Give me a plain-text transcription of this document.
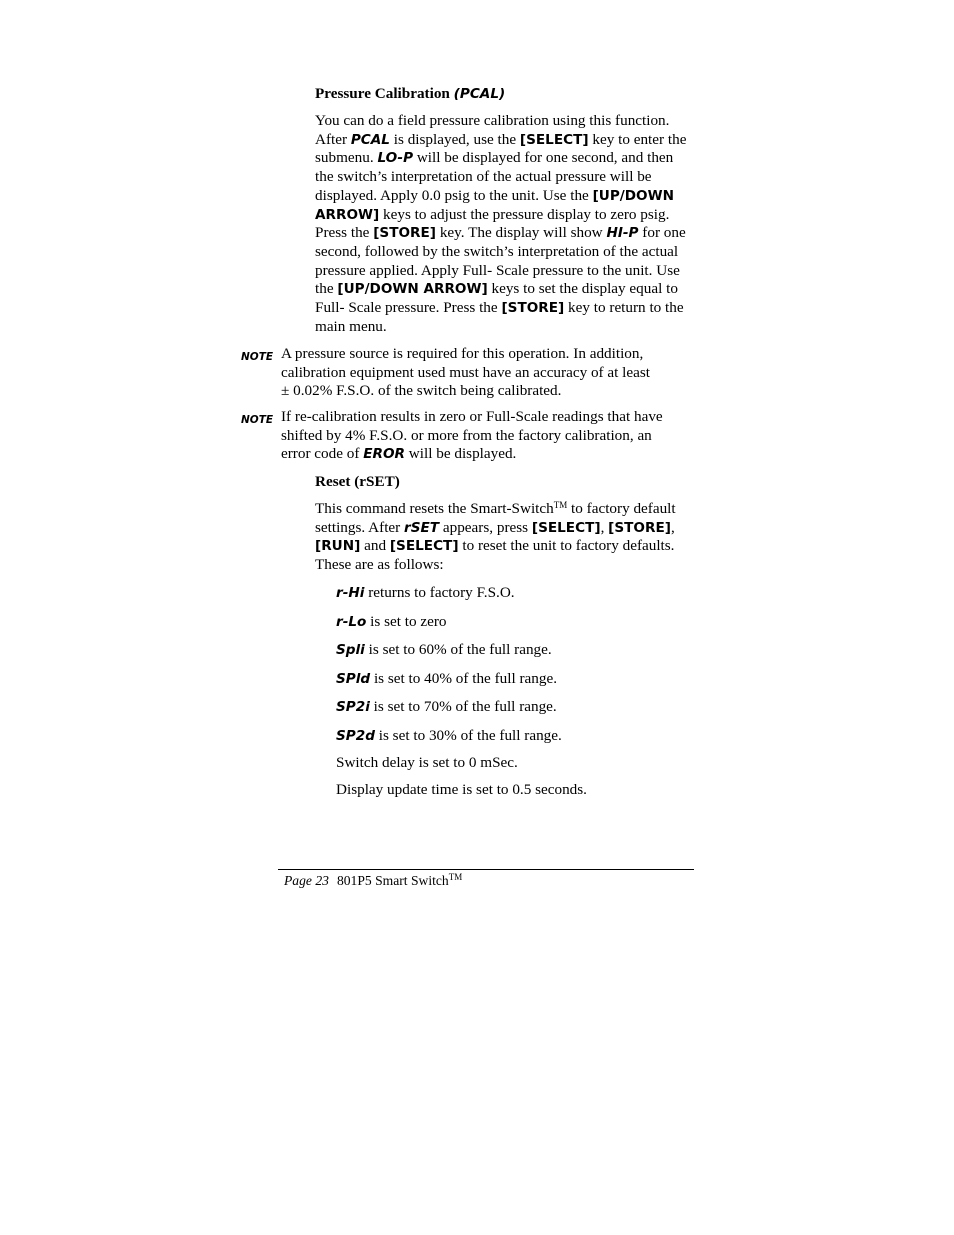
Pressure Calibration (PCAL)
You can do a field pressure calibration using this function. After PCAL is displayed, use the [SELECT] key to enter the submenu. LO-P will be displayed for one second, and then the switch’s interpretation of the actual pressure will be displayed. Apply 0.0 psig to the unit. Use the [UP/DOWN ARROW] keys to adjust the pressure display to zero psig. Press the [STORE] key. The display will show HI-P for one second, followed by the switch’s interpretation of the actual pressure applied. Apply Full- Scale pressure to the unit. Use the [UP/DOWN ARROW] keys to set the display equal to Full- Scale pressure. Press the [STORE] key to return to the main menu.
NOTE A pressure source is required for this operation. In addition, calibration equipment used must have an accuracy of at least ± 0.02% F.S.O. of the switch being calibrated.
NOTE If re-calibration results in zero or Full-Scale readings that have shifted by 4% F.S.O. or more from the factory calibration, an error code of EROR will be displayed.
Reset (rSET)
This command resets the Smart-Switch™ to factory default settings. After rSET appears, press [SELECT], [STORE], [RUN] and [SELECT] to reset the unit to factory defaults. These are as follows:
r-Hi returns to factory F.S.O.
r-Lo is set to zero
Spli is set to 60% of the full range.
SPld is set to 40% of the full range.
SP2i is set to 70% of the full range.
SP2d is set to 30% of the full range.
Switch delay is set to 0 mSec.
Display update time is set to 0.5 seconds.
Page 23 801P5 Smart Switch™
